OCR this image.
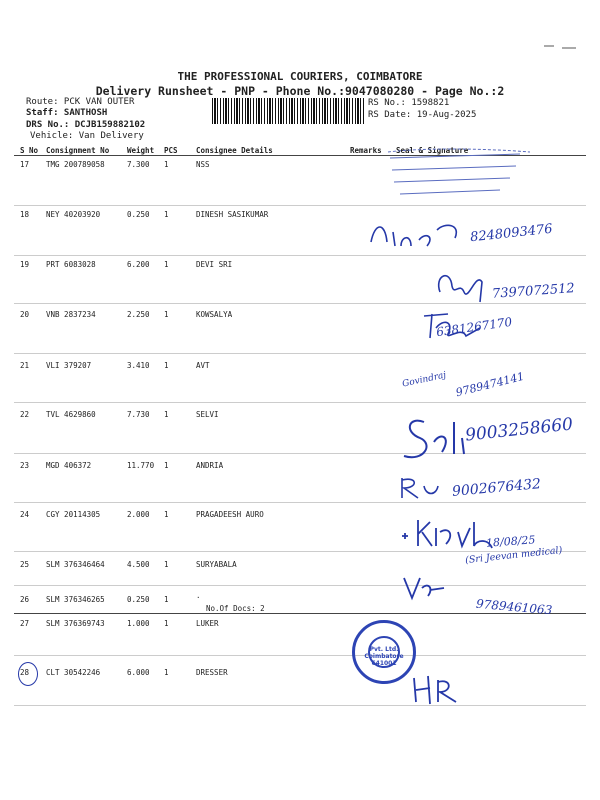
THE PROFESSIONAL COURIERS, COIMBATORE
Delivery Runsheet - PNP - Phone No.:9047080280 - Page No.:2
Route: PCK VAN OUTER
Staff: SANTHOSH
DRS No.: DCJB159882102
Vehicle: Van Delivery
RS No.: 1598821
RS Date: 19-Aug-2025
S No Consignment No Weight PCS Consignee Details	Remarks Seal & Signature
17 TMG 200789058	7.300 1	NSS
18 NEY 40203920	0.250 1	DINESH SASIKUMAR
19 PRT 6083028	6.200 1	DEVI SRI
20 VNB 2837234	2.250 1	KOWSALYA
21 VLI 379207	3.410 1	AVT
22 TVL 4629860	7.730 1	SELVI
23 MGD 406372	11.770 1	ANDRIA
24 CGY 20114305	2.000 1	PRAGADEESH AURO
25 SLM 376346464	4.500 1	SURYABALA
26 SLM 376346265	0.250 1	.
No.Of Docs: 2
27 SLM 376369743	1.000 1	LUKER
28 CLT 30542246	6.000 1	DRESSER
8248093476
7397072512
6381267170
Govindraj 9789474141
9003258660
9002676432
18/08/25
(Sri Jeevan medical)
9789461063
Pvt. Ltd. Coimbatore 641001
